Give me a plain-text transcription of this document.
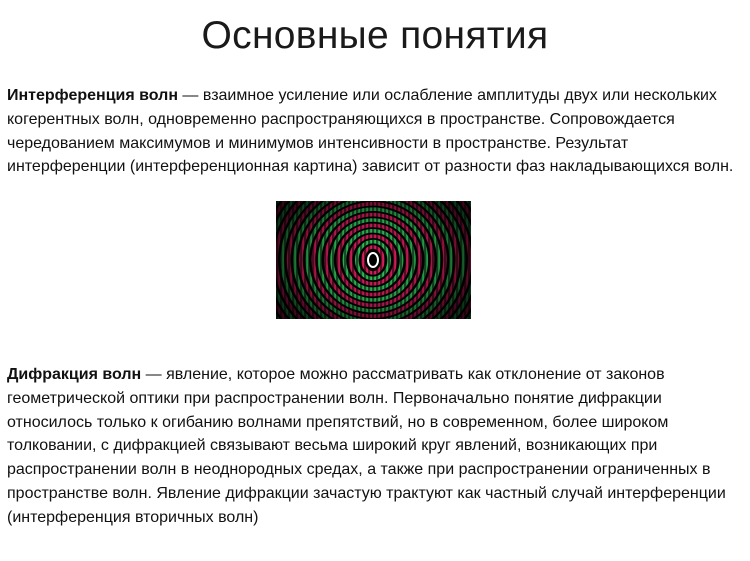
Основные понятия
Интерференция волн — взаимное усиление или ослабление амплитуды двух или нескольких когерентных волн, одновременно распространяющихся в пространстве. Сопровождается чередованием максимумов и минимумов интенсивности в пространстве. Результат интерференции (интерференционная картина) зависит от разности фаз накладывающихся волн.
Дифракция волн — явление, которое можно рассматривать как отклонение от законов геометрической оптики при распространении волн. Первоначально понятие дифракции относилось только к огибанию волнами препятствий, но в современном, более широком толковании, с дифракцией связывают весьма широкий круг явлений, возникающих при распространении волн в неоднородных средах, а также при распространении ограниченных в пространстве волн. Явление дифракции зачастую трактуют как частный случай интерференции (интерференция вторичных волн)
